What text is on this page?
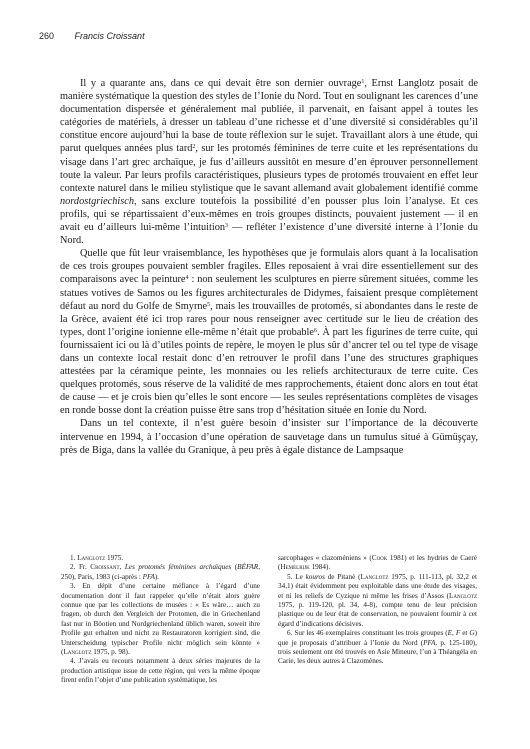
260 Francis Croissant

Il y a quarante ans, dans ce qui devait être son dernier ouvrage$^1$, Ernst Langlotz posait de manière systématique la question des styles de l’Ionie du Nord. Tout en soulignant les carences d’une documentation dispersée et généralement mal publiée, il parvenait, en faisant appel à toutes les catégories de matériels, à dresser un tableau d’une richesse et d’une diversité si considérables qu’il constitue encore aujourd’hui la base de toute réflexion sur le sujet. Travaillant alors à une étude, qui parut quelques années plus tard$^2$, sur les protomés féminines de terre cuite et les représentations du visage dans l’art grec archaïque, je fus d’ailleurs aussitôt en mesure d’en éprouver personnellement toute la valeur. Par leurs profils caractéristiques, plusieurs types de protomés trouvaient en effet leur contexte naturel dans le milieu stylistique que le savant allemand avait globalement identifié comme nordostgriechisch, sans exclure toutefois la possibilité d’en pousser plus loin l’analyse. Et ces profils, qui se répartissaient d’eux-mêmes en trois groupes distincts, pouvaient justement — il en avait eu d’ailleurs lui-même l’intuition$^3$ — refléter l’existence d’une diversité interne à l’Ionie du Nord.

Quelle que fût leur vraisemblance, les hypothèses que je formulais alors quant à la localisation de ces trois groupes pouvaient sembler fragiles. Elles reposaient à vrai dire essentiellement sur des comparaisons avec la peinture$^4$ : non seulement les sculptures en pierre sûrement situées, comme les statues votives de Samos ou les figures architecturales de Didymes, faisaient presque complètement défaut au nord du Golfe de Smyrne$^5$, mais les trouvailles de protomés, si abondantes dans le reste de la Grèce, avaient été ici trop rares pour nous renseigner avec certitude sur le lieu de création des types, dont l’origine ionienne elle-même n’était que probable$^6$. À part les figurines de terre cuite, qui fournissaient ici ou là d’utiles points de repère, le moyen le plus sûr d’ancrer tel ou tel type de visage dans un contexte local restait donc d’en retrouver le profil dans l’une des structures graphiques attestées par la céramique peinte, les monnaies ou les reliefs architecturaux de terre cuite. Ces quelques protomés, sous réserve de la validité de mes rapprochements, étaient donc alors en tout état de cause — et je crois bien qu’elles le sont encore — les seules représentations complètes de visages en ronde bosse dont la création puisse être sans trop d’hésitation située en Ionie du Nord.

Dans un tel contexte, il n’est guère besoin d’insister sur l’importance de la découverte intervenue en 1994, à l’occasion d’une opération de sauvetage dans un tumulus situé à Gümüşçay, près de Biga, dans la vallée du Granique, à peu près à égale distance de Lampsaque

1. Langlotz 1975.

2. Fr. Croissant, Les protomés féminines archaïques (BÉFAR, 250), Paris, 1983 (ci-après : PFA).

3. En dépit d’une certaine méfiance à l’égard d’une documentation dont il faut rappeler qu’elle n’était alors guère connue que par les collections de musées : « Es wäre… auch zu fragen, ob durch den Vergleich der Protomen, die in Griechenland fast nur in Böotien und Nordgriechenland üblich waren, soweit ihre Profile gut erhalten und nicht zu Restauratoren korrigiert sind, die Unterscheidung typischer Profile nicht möglich sein könnte » (Langlotz 1975, p. 98).

4. J’avais eu recours notamment à deux séries majeures de la production artistique issue de cette région, qui vers la même époque firent enfin l’objet d’une publication systématique, les

sarcophages « clazoméniens » (Cook 1981) et les hydries de Caeré (Hemelrijk 1984).

5. Le kouros de Pitanè (Langlotz 1975, p. 111-113, pl. 32,2 et 34,1) était évidemment peu exploitable dans une étude des visages, et ni les reliefs de Cyzique ni même les frises d’Assos (Langlotz 1975, p. 119-120, pl. 34, 4-8), compte tenu de leur précision plastique ou de leur état de conservation, ne pouvaient fournir à cet égard d’indications décisives.

6. Sur les 46 exemplaires constituant les trois groupes (E, F et G) que je proposais d’attribuer à l’Ionie du Nord (PFA, p. 125-180), trois seulement ont été trouvés en Asie Mineure, l’un à Théangéla en Carie, les deux autres à Clazomènes.
